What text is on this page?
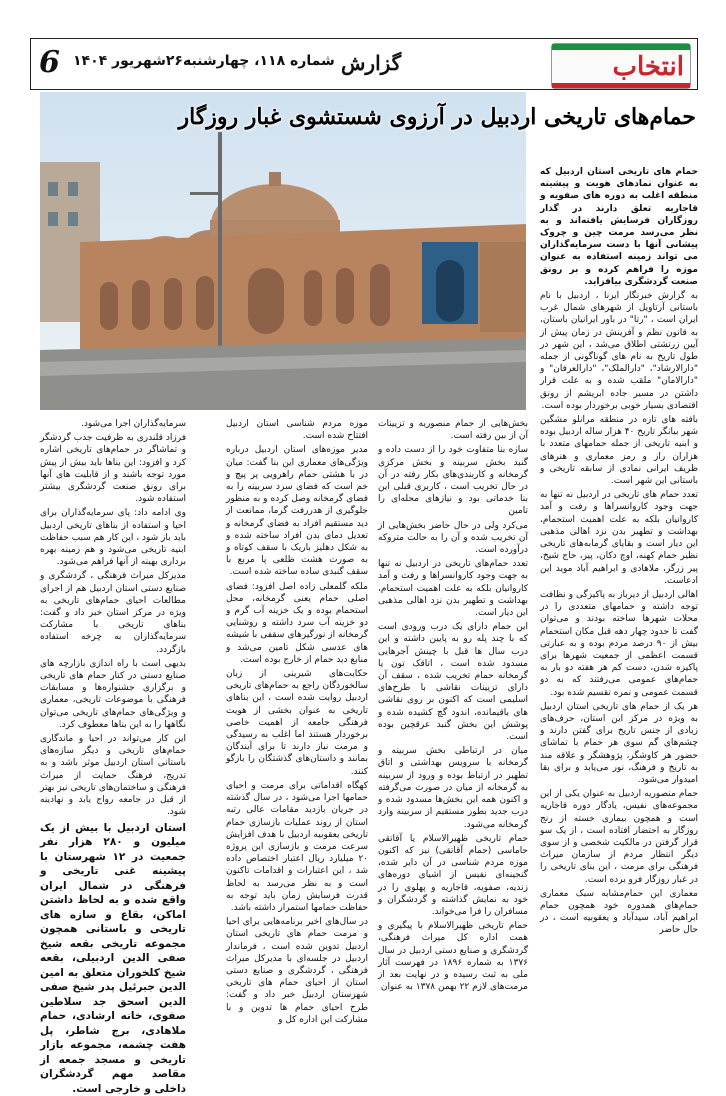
انتخاب
گزارش
شماره ۱۱۸، چهارشنبه۲۶شهریور ۱۴۰۴
6
حمام‌های تاریخی اردبیل در آرزوی شستشوی غبار روزگار

حمام های تاریخی استان اردبیل که به عنوان نمادهای هویت و پیشینه منطقه اغلب به دوره های صفویه و قاجاریه تعلق دارند در گذار روزگاران فرسایش یافته‌اند و به نظر می‌رسد مرمت چین و چروک پیشانی آنها با دست سرمایه‌گذاران می تواند زمینه استفاده به عنوان موزه را فراهم کرده و بر رونق صنعت گردشگری بیافزاید.

به گزارش خبرنگار ایرنا ، اردبیل با نام باستانی آرتاویل از شهرهای شمال غرب ایران است ، "رتا" در باور ایرانیان باستان، به قانون نظم و آفرینش در زمان پیش از آیین زرتشتی اطلاق می‌شد ، این شهر در طول تاریخ به نام های گوناگونی از جمله "دارالارشاد"، "دارالملک"، "دارالعرفان" و "دارالامان" ملقب شده و به علت قرار داشتن در مسیر جاده ابریشم از رونق اقتصادی بسیار خوبی برخوردار بوده است.

بافته های تازه در منطقه مرانلو مشگین شهر بیانگر تاریخ ۴۰ هزار ساله اردبیل بوده و ابنیه تاریخی از جمله حمامهای متعدد با هزاران راز و رمز معماری و هنرهای ظریف ایرانی نمادی از سابقه تاریخی و باستانی این شهر است.

تعدد حمام های تاریخی در اردبیل نه تنها به جهت وجود کاروانسراها و رفت و آمد کاروانیان بلکه به علت اهمیت استحمام، بهداشت و تطهیر بدن نزد اهالی مذهبی این دیار است و بقایای گرمابه‌های تاریخی نظیر حمام کهنه، اوچ دکان، پیر، حاج شیخ، پیر زرگر، ملاهادی و ابراهیم آباد موید این ادعاست.

اهالی اردبیل از دیرباز به پاکیزگی و نظافت توجه داشته و حمامهای متعددی را در محلات شهرها ساخته بودند و می‌توان گفت تا حدود چهار دهه قبل مکان استحمام بیش از ۹۰ درصد مردم بوده و به عبارتی قسمت اعظمی از جمعیت شهرها برای پاکیزه شدن، دست کم هر هفته دو بار به حمام‌های عمومی می‌رفتند که به دو قسمت عمومی و نمره تقسیم شده بود.

هر یک از حمام های تاریخی استان اردبیل به ویژه در مرکز این استان، حرف‌های زیادی از جنس تاریخ برای گفتن دارند و چشم‌های گم سوی هر حمام با تماشای حضور هر کاوشگر، پژوهشگر و علاقه مند به تاریخ و فرهنگ، نور می‌یابد و برای بقا امیدوار می‌شود.

حمام منصوریه اردبیل به عنوان یکی از این مجموعه‌های نفیس، یادگار دوره قاجاریه است و همچون بیماری خسته از رنج روزگار به احتضار افتاده است ، از یک سو قرار گرفتن در مالکیت شخصی و از سوی دیگر انتظار مردم از سازمان میراث فرهنگی برای مرمت ، این بنای تاریخی را در غبار روزگار فرو برده است.

معماری این حمام‌مشابه سبک معماری حمام‌های همدوره خود همچون حمام ابراهیم آباد، سیدآباد و یعقوبیه است ، در حال حاضر

بخش‌هایی از حمام منصوریه و تزیینات آن از بین رفته است.

سازه بنا متفاوت خود را از دست داده و گنبد بخش سربینه و بخش مرکزی گرمخانه و کاربندی‌های بکار رفته در آن در حال تخریب است ، کاربری قبلی این بنا خدماتی بود و نیازهای محله‌ای را تامین

می‌کرد ولی در حال حاضر بخش‌هایی از آن تخریب شده و آن را به حالت متروکه درآورده است.

تعدد حمام‌های تاریخی در اردبیل نه تنها به جهت وجود کاروانسراها و رفت و آمد کاروانیان بلکه به علت اهمیت استحمام، بهداشت و تطهیر بدن نزد اهالی مذهبی این دیار است.

این حمام دارای یک درب ورودی است که با چند پله رو به پایین داشته و این درب سال ها قبل با چینش آجرهایی مسدود شده است ، اتاقک تون یا گرمخانه حمام تخریب شده ، سقف آن دارای تزیینات نقاشی با طرح‌های اسلیمی است که اکنون بر روی نقاشی های باقیمانده، اندود گچ کشیده شده و پوشش این بخش گنبد عرقچین بوده است.

میان در ارتباطی بخش سربینه و گرمخانه با سرویس بهداشتی و اتاق تطهیر در ارتباط بوده و ورود از سربینه به گرمخانه از میان در صورت می‌گرفته و اکنون همه این بخش‌ها مسدود شده و درب جدید بطور مستقیم از سربینه وارد گرمخانه می‌شود.

حمام تاریخی ظهیرالاسلام یا آقاتقی حاماسی (حمام آقاتقی) نیز که اکنون موزه مردم شناسی در آن دایر شده، گنجینه‌ای نفیس از اشیای دوره‌های زندیه، صفویه، قاجاریه و پهلوی را در خود به نمایش گذاشته و گردشگران و مسافران را فرا می‌خواند.

حمام تاریخی ظهیرالاسلام با پیگیری و همت اداره کل میراث فرهنگی، گردشگری و صنایع دستی اردبیل در سال ۱۳۷۶ به شماره ۱۸۹۶ در فهرست آثار ملی به ثبت رسیده و در نهایت بعد از مرمت‌های لازم ۲۲ بهمن ۱۳۷۸ به عنوان

موزه مردم شناسی استان اردبیل افتتاح شده است.

مدیر موزه‌های استان اردبیل درباره ویژگی‌های معماری این بنا گفت: میان در با هشتی حمام راهرویی پر پیچ و خم است که فضای سرد سربینه را به فضای گرمخانه وصل کرده و به منظور جلوگیری از هدررفت گرما، ممانعت از دید مستقیم افراد به فضای گرمخانه و تعدیل دمای بدن افراد ساخته شده و به شکل دهلیز باریک با سقف کوتاه و به صورت هشت ظلعی پا مربع با سقف گنبدی ساده ساخته شده است.

ملکه گلمعلی زاده اصل افزود: فضای اصلی حمام یعنی گرمخانه، محل استحمام بوده و یک خزینه آب گرم و دو خزینه آب سرد داشته و روشنایی گرمخانه از نورگیرهای سقفی با شیشه های عدسی شکل تامین می‌شد و منابع دید حمام از خارج بوده است.

حکایت‌های شیرینی از زبان سالخوردگان راجع به حمام‌های تاریخی اردبیل روایت شده است ، این بناهای تاریخی به عنوان بخشی از هویت فرهنگی جامعه از اهمیت خاصی برخوردار هستند اما اغلب به رسیدگی و مرمت نیاز دارند تا برای آیندگان بمانند و داستان‌های گذشتگان را بازگو کنند.

کهگاه اقداماتی برای مرمت و احیای حمامها اجرا می‌شود ، در سال گذشته در جریان بازدید مقامات عالی رتبه استان از روند عملیات بازسازی حمام تاریخی یعقوبیه اردبیل با هدف افزایش سرعت مرمت و بازسازی این پروژه ۲۰ میلیارد ریال اعتبار اختصاص داده شد ، این اعتبارات و اقدامات تاکنون است و به نظر می‌رسد به لحاظ قدرت فرسایش زمان باید توجه به حفاظت حمامها استمرار داشته باشد.

در سال‌های اخیر برنامه‌هایی برای احیا و مرمت حمام های تاریخی استان اردبیل تدوین شده است ، فرماندار اردبیل در جلسه‌ای با مدیرکل میراث فرهنگی ، گردشگری و صنایع دستی استان از احیای حمام های تاریخی شهرستان اردبیل خبر داد و گفت: طرح احیای حمام ها تدوین و با مشارکت این اداره کل و

سرمایه‌گذاران اجرا می‌شود.

فرزاد قلندری به ظرفیت جذب گردشگر و تماشاگر در حمام‌های تاریخی اشاره کرد و افزود: این بناها باید بیش از پیش مورد توجه باشند و از قابلیت های آنها برای رونق صنعت گردشگری بیشتر استفاده شود.

وی ادامه داد: پای سرمایه‌گذاران برای احیا و استفاده از بناهای تاریخی اردبیل باید باز شود ، این کار هم سبب حفاظت ابنیه تاریخی می‌شود و هم زمینه بهره برداری بهینه از آنها فراهم می‌شود.

مدیرکل میراث فرهنگی ، گردشگری و صنایع دستی استان اردبیل هم از اجرای مطالعات احیای حمام‌های تاریخی به ویژه در مرکز استان خبر داد و گفت: بناهای تاریخی با مشارکت سرمایه‌گذاران به چرخه استفاده بازگردد.

بدیهی است با راه اندازی بازارچه های صنایع دستی در کنار حمام های تاریخی و برگزاری جشنواره‌ها و مسابقات فرهنگی با موضوعات تاریخی، معماری و ویژگی‌های حمام‌های تاریخی می‌توان نگاهها را به این بناها معطوف کرد.

این کار می‌تواند در احیا و ماندگاری حمام‌های تاریخی و دیگر سازه‌های باستانی استان اردبیل موثر باشد و به تدریج، فرهنگ حمایت از میراث فرهنگی و ساختمان‌های تاریخی نیز بهتر از قبل در جامعه رواج یابد و نهادینه شود.

استان اردبیل با بیش از یک میلیون و ۲۸۰ هزار نفر جمعیت در ۱۲ شهرستان با پیشینه غنی تاریخی و فرهنگی در شمال ایران واقع شده و به لحاظ داشتن اماکن، بقاع و سازه های تاریخی و باستانی همچون مجموعه تاریخی بقعه شیخ صفی الدین اردبیلی، بقعه شیخ کلخوران متعلق به امین الدین جبرئیل پدر شیخ صفی الدین اسحق جد سلاطین صفوی، خانه ارشادی، حمام ملاهادی، برج شاطر، پل هفت چشمه، مجموعه بازار تاریخی و مسجد جمعه از مقاصد مهم گردشگران داخلی و خارجی است.
